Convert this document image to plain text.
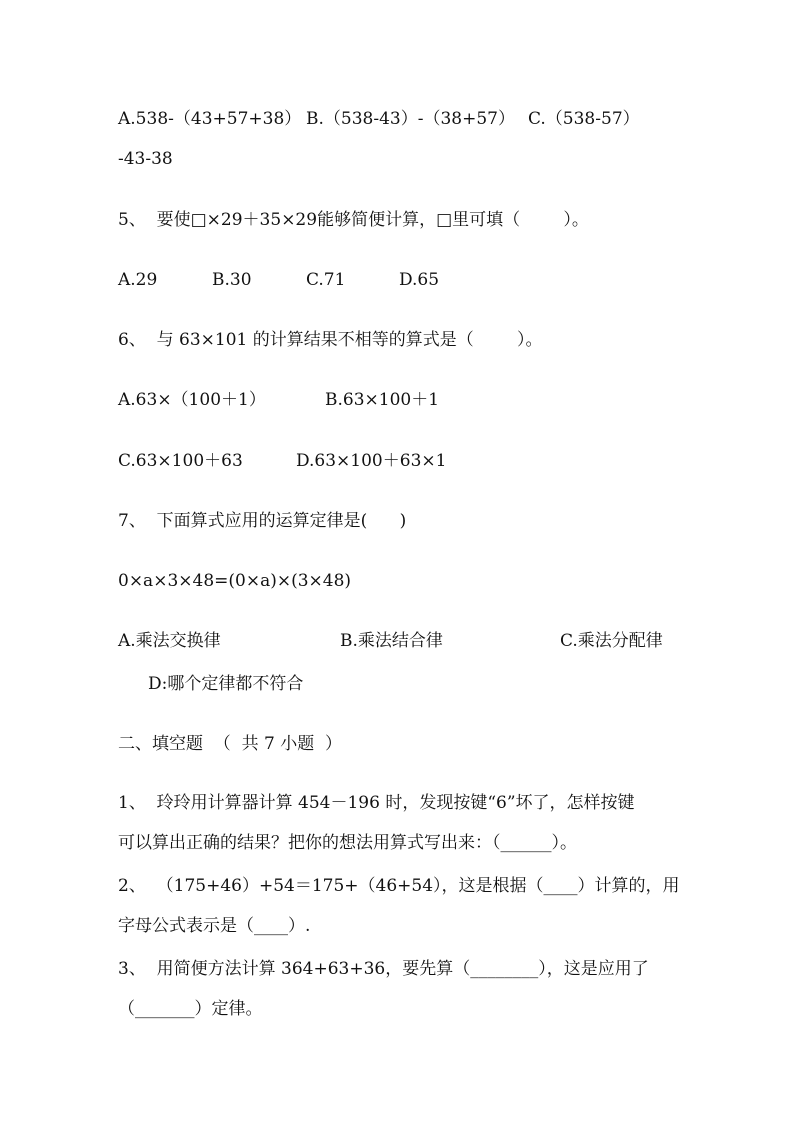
A.538-（43+57+38）

B.（538-43）-（38+57）

C.（538-57）

-43-38
5、  要使□×29＋35×29能够简便计算，□里可填（        ）。

A.29

	B.30

	C.71

	D.65

6、  与 63×101 的计算结果不相等的算式是（        ）。

A.63×（100＋1）

	B.63×100＋1

C.63×100＋63

	D.63×100＋63×1

7、  下面算式应用的运算定律是(      )
0×a×3×48=(0×a)×(3×48)

A.乘法交换律

	B.乘法结合律

	C.乘法分配律

D:哪个定律都不符合
二、填空题  （  共 7 小题  ）
1、  玲玲用计算器计算 454－196 时，发现按键“6”坏了，怎样按键
可以算出正确的结果？把你的想法用算式写出来：（______）。
2、  （175+46）+54＝175+（46+54），这是根据（____）计算的，用
字母公式表示是（____）.
3、  用简便方法计算 364+63+36，要先算（________），这是应用了
（_______）定律。
